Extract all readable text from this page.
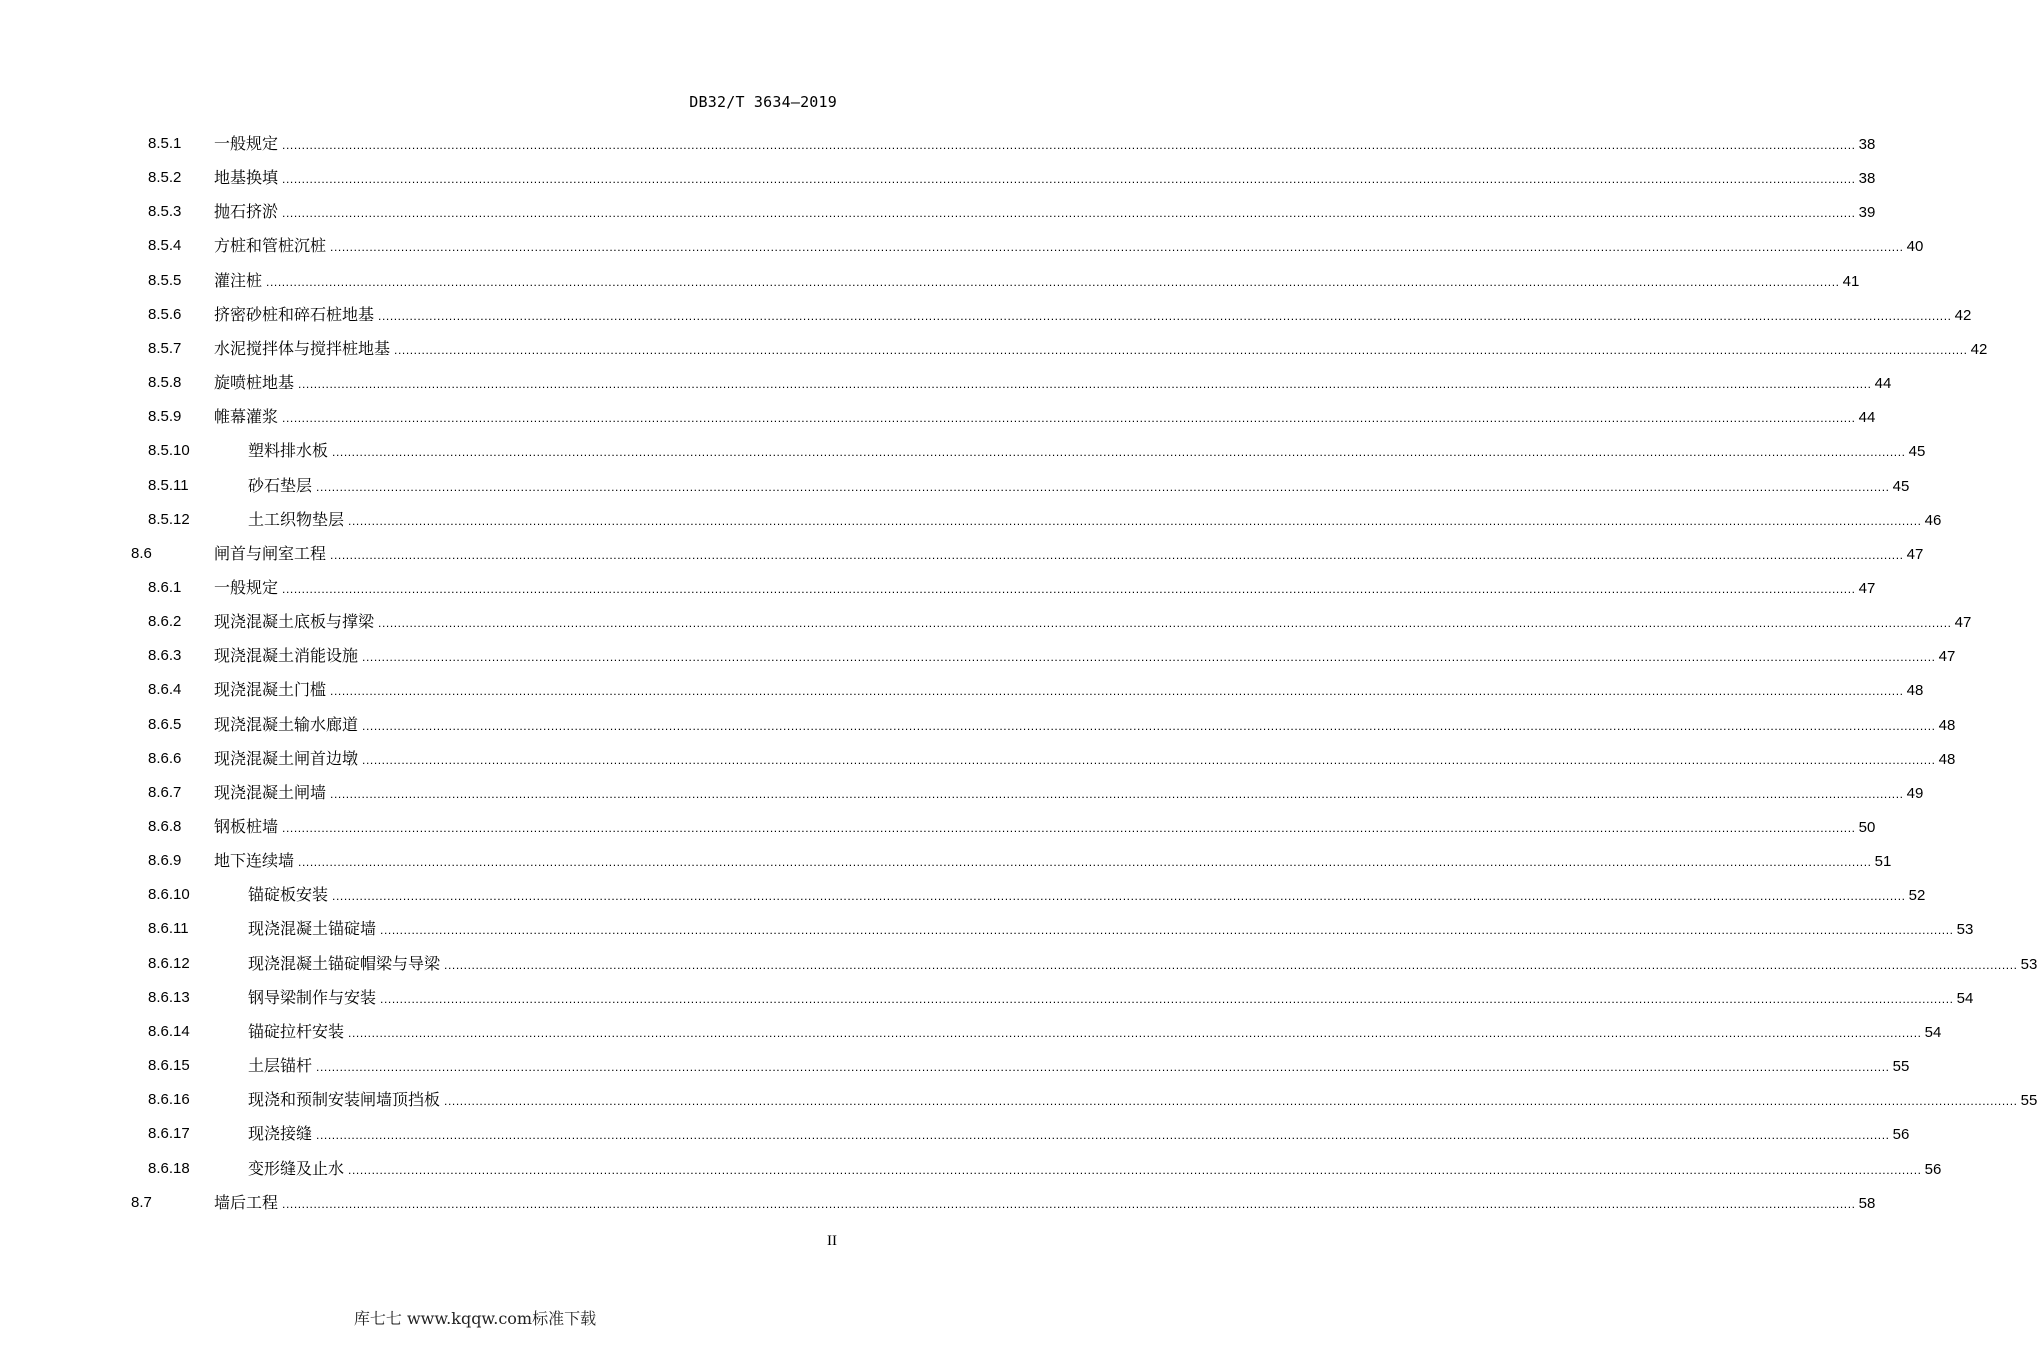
DB32/T 3634—2019
8.5.1 一般规定 ................................................................................................................................................................................................................................................................................................................................................................................................................ 38
8.5.2 地基换填 ................................................................................................................................................................................................................................................................................................................................................................................................................ 38
8.5.3 抛石挤淤 ................................................................................................................................................................................................................................................................................................................................................................................................................ 39
8.5.4 方桩和管桩沉桩 ................................................................................................................................................................................................................................................................................................................................................................................................................ 40
8.5.5 灌注桩 ................................................................................................................................................................................................................................................................................................................................................................................................................ 41
8.5.6 挤密砂桩和碎石桩地基 ................................................................................................................................................................................................................................................................................................................................................................................................................ 42
8.5.7 水泥搅拌体与搅拌桩地基 ................................................................................................................................................................................................................................................................................................................................................................................................................ 42
8.5.8 旋喷桩地基 ................................................................................................................................................................................................................................................................................................................................................................................................................ 44
8.5.9 帷幕灌浆 ................................................................................................................................................................................................................................................................................................................................................................................................................ 44
8.5.10	塑料排水板 ................................................................................................................................................................................................................................................................................................................................................................................................................ 45
8.5.11	砂石垫层 ................................................................................................................................................................................................................................................................................................................................................................................................................ 45
8.5.12	土工织物垫层 ................................................................................................................................................................................................................................................................................................................................................................................................................ 46
8.6	闸首与闸室工程 ................................................................................................................................................................................................................................................................................................................................................................................................................ 47
8.6.1 一般规定 ................................................................................................................................................................................................................................................................................................................................................................................................................ 47
8.6.2 现浇混凝土底板与撑梁 ................................................................................................................................................................................................................................................................................................................................................................................................................ 47
8.6.3 现浇混凝土消能设施 ................................................................................................................................................................................................................................................................................................................................................................................................................ 47
8.6.4 现浇混凝土门槛 ................................................................................................................................................................................................................................................................................................................................................................................................................ 48
8.6.5 现浇混凝土输水廊道 ................................................................................................................................................................................................................................................................................................................................................................................................................ 48
8.6.6 现浇混凝土闸首边墩 ................................................................................................................................................................................................................................................................................................................................................................................................................ 48
8.6.7 现浇混凝土闸墙 ................................................................................................................................................................................................................................................................................................................................................................................................................ 49
8.6.8 钢板桩墙 ................................................................................................................................................................................................................................................................................................................................................................................................................ 50
8.6.9 地下连续墙 ................................................................................................................................................................................................................................................................................................................................................................................................................ 51
8.6.10	锚碇板安装 ................................................................................................................................................................................................................................................................................................................................................................................................................ 52
8.6.11	现浇混凝土锚碇墙 ................................................................................................................................................................................................................................................................................................................................................................................................................ 53
8.6.12	现浇混凝土锚碇帽梁与导梁 ................................................................................................................................................................................................................................................................................................................................................................................................................ 53
8.6.13	钢导梁制作与安装 ................................................................................................................................................................................................................................................................................................................................................................................................................ 54
8.6.14	锚碇拉杆安装 ................................................................................................................................................................................................................................................................................................................................................................................................................ 54
8.6.15	土层锚杆 ................................................................................................................................................................................................................................................................................................................................................................................................................ 55
8.6.16	现浇和预制安装闸墙顶挡板 ................................................................................................................................................................................................................................................................................................................................................................................................................ 55
8.6.17	现浇接缝 ................................................................................................................................................................................................................................................................................................................................................................................................................ 56
8.6.18	变形缝及止水 ................................................................................................................................................................................................................................................................................................................................................................................................................ 56
8.7	墙后工程 ................................................................................................................................................................................................................................................................................................................................................................................................................ 58
II
库七七 www.kqqw.com标准下载
